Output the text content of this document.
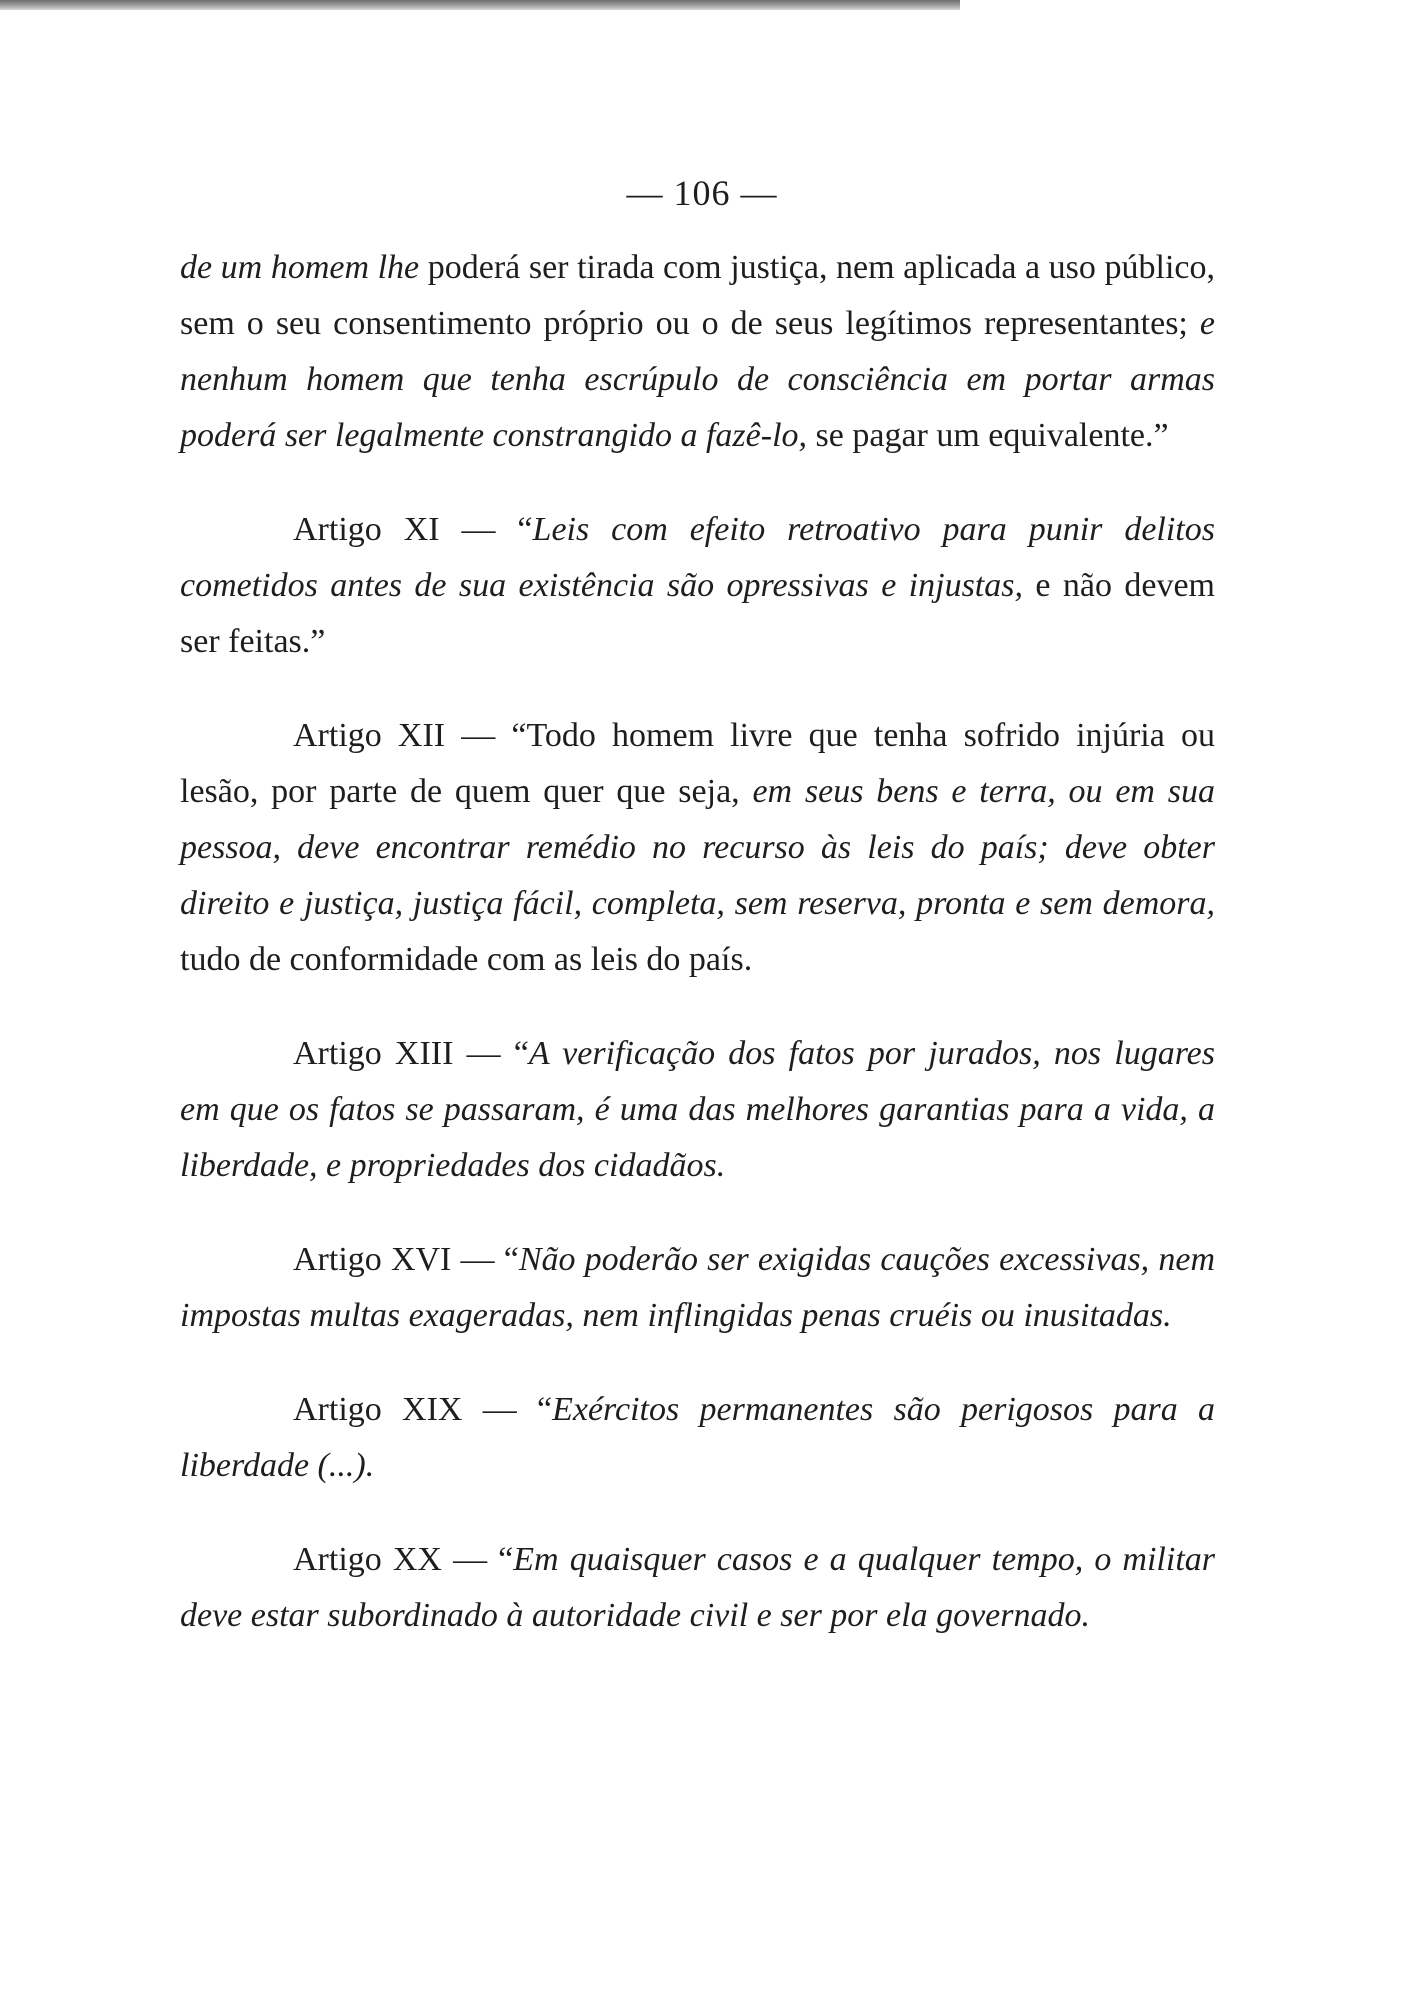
— 106 —

de um homem lhe poderá ser tirada com justiça, nem aplicada a uso público, sem o seu consentimento próprio ou o de seus legítimos representantes; e nenhum homem que tenha escrúpulo de consciência em portar armas poderá ser legalmente constrangido a fazê-lo, se pagar um equivalente.”

Artigo XI — “Leis com efeito retroativo para punir delitos cometidos antes de sua existência são opressivas e injustas, e não devem ser feitas.”

Artigo XII — “Todo homem livre que tenha sofrido injúria ou lesão, por parte de quem quer que seja, em seus bens e terra, ou em sua pessoa, deve encontrar remédio no recurso às leis do país; deve obter direito e justiça, justiça fácil, completa, sem reserva, pronta e sem demora, tudo de conformidade com as leis do país.

Artigo XIII — “A verificação dos fatos por jurados, nos lugares em que os fatos se passaram, é uma das melhores garantias para a vida, a liberdade, e propriedades dos cidadãos.

Artigo XVI — “Não poderão ser exigidas cauções excessivas, nem impostas multas exageradas, nem inflingidas penas cruéis ou inusitadas.

Artigo XIX — “Exércitos permanentes são perigosos para a liberdade (...).

Artigo XX — “Em quaisquer casos e a qualquer tempo, o militar deve estar subordinado à autoridade civil e ser por ela governado.
